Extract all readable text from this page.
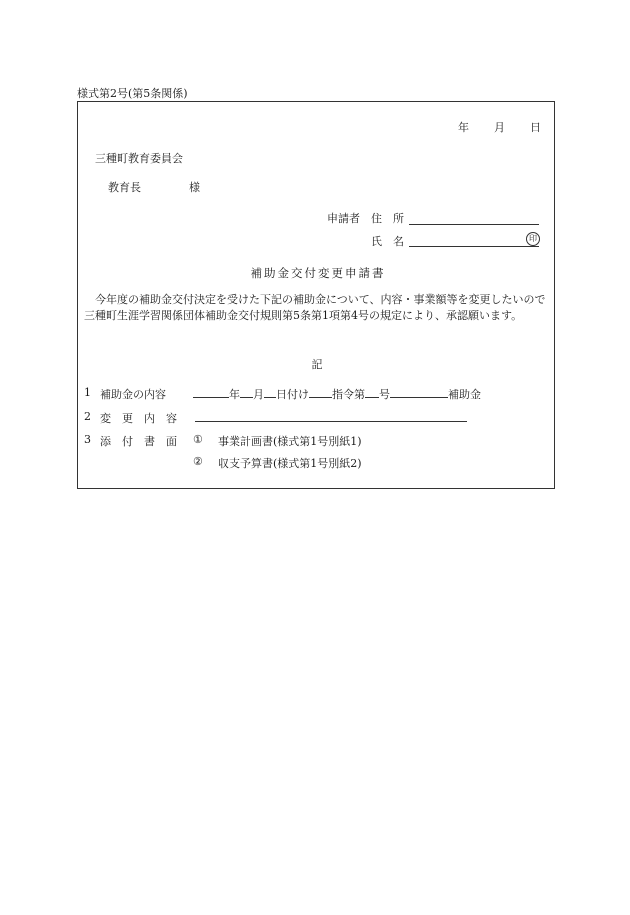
様式第2号(第5条関係)
年 月 日
三種町教育委員会
教育長	様
申請者 住　所
氏　名	印
補助金交付変更申請書
今年度の補助金交付決定を受けた下記の補助金について、内容・事業額等を変更したいので三種町生涯学習関係団体補助金交付規則第5条第1項第4号の規定により、承認願います。
記
1 補助金の内容	年 月 日付け 指令第 号	補助金
2 変　更　内　容
3 添　付　書　面 ① 事業計画書(様式第1号別紙1)
② 収支予算書(様式第1号別紙2)
